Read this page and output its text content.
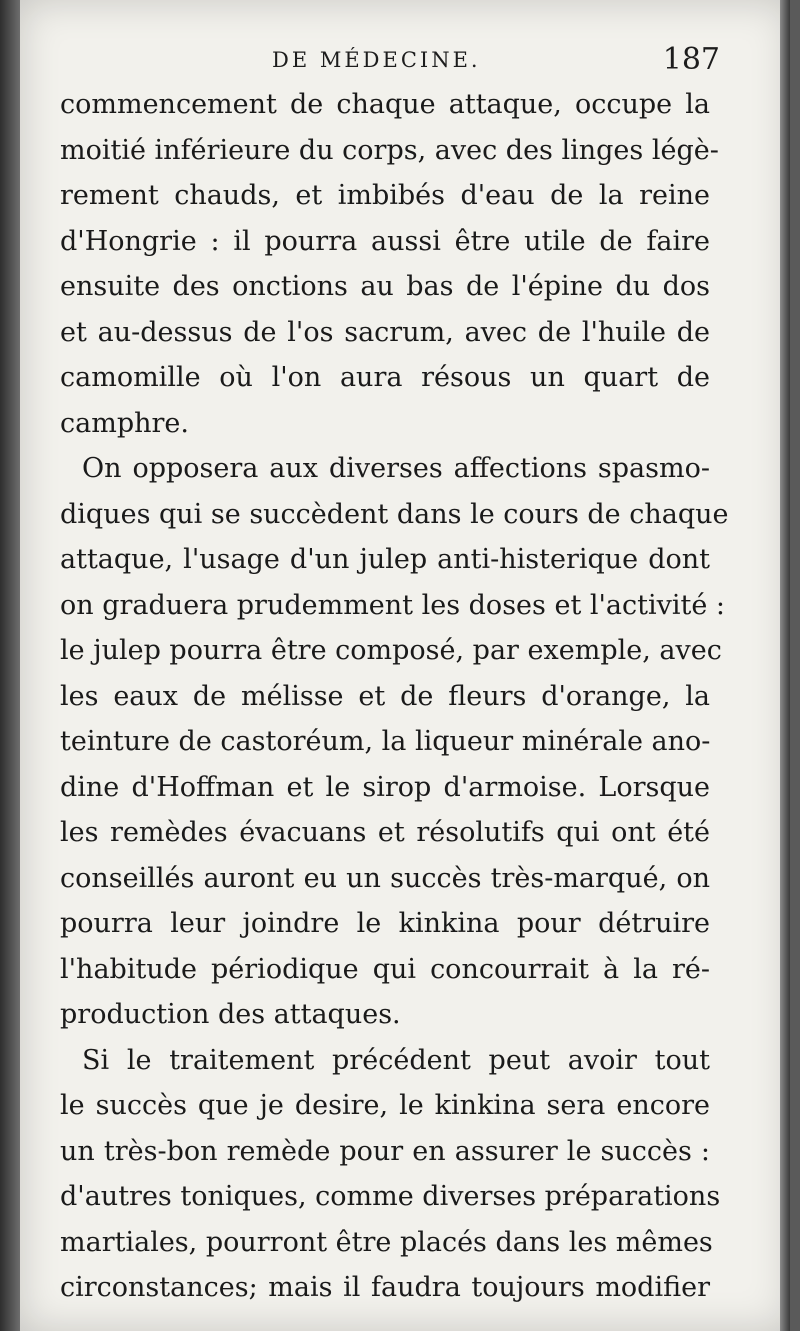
DE MÉDECINE.	187
commencement de chaque attaque, occupe la
moitié inférieure du corps, avec des linges légè-
rement chauds, et imbibés d'eau de la reine
d'Hongrie : il pourra aussi être utile de faire
ensuite des onctions au bas de l'épine du dos
et au-dessus de l'os sacrum, avec de l'huile de
camomille où l'on aura résous un quart de
camphre.
On opposera aux diverses affections spasmo-
diques qui se succèdent dans le cours de chaque
attaque, l'usage d'un julep anti-histerique dont
on graduera prudemment les doses et l'activité :
le julep pourra être composé, par exemple, avec
les eaux de mélisse et de fleurs d'orange, la
teinture de castoréum, la liqueur minérale ano-
dine d'Hoffman et le sirop d'armoise. Lorsque
les remèdes évacuans et résolutifs qui ont été
conseillés auront eu un succès très-marqué, on
pourra leur joindre le kinkina pour détruire
l'habitude périodique qui concourrait à la ré-
production des attaques.
Si le traitement précédent peut avoir tout
le succès que je desire, le kinkina sera encore
un très-bon remède pour en assurer le succès :
d'autres toniques, comme diverses préparations
martiales, pourront être placés dans les mêmes
circonstances; mais il faudra toujours modifier
